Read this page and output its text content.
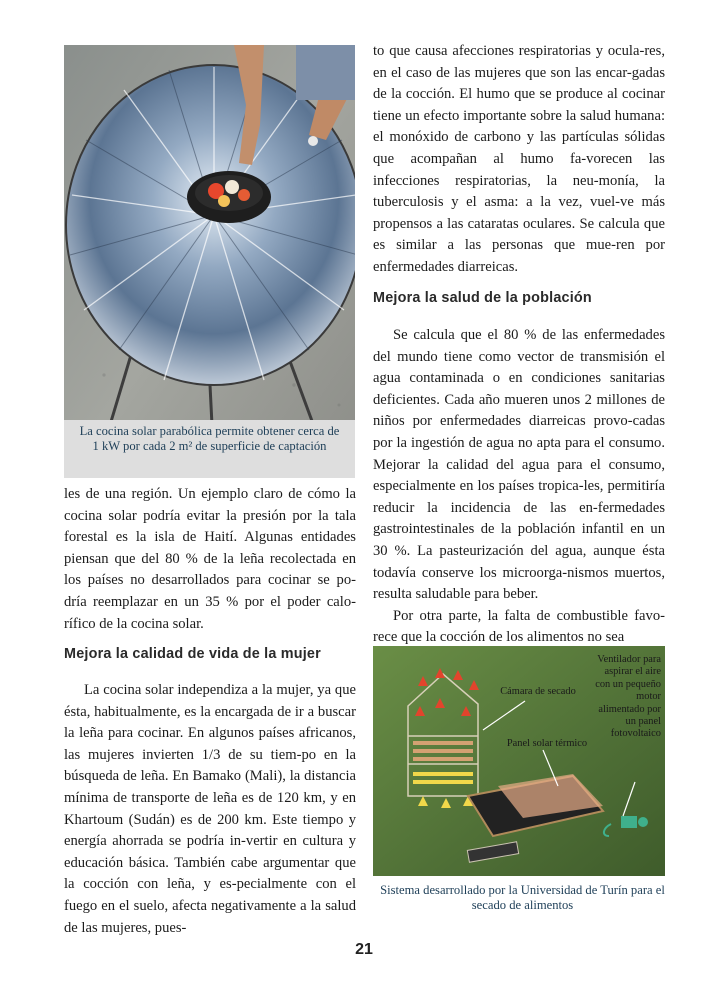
La cocina solar parabólica permite obtener cerca de 1 kW por cada 2 m² de superficie de captación

to que causa afecciones respiratorias y ocula-res, en el caso de las mujeres que son las encar-gadas de la cocción. El humo que se produce al cocinar tiene un efecto importante sobre la salud humana: el monóxido de carbono y las partículas sólidas que acompañan al humo fa-vorecen las infecciones respiratorias, la neu-monía, la tuberculosis y el asma: a la vez, vuel-ve más propensos a las cataratas oculares. Se calcula que es similar a las personas que mue-ren por enfermedades diarreicas.

Mejora la salud de la población

Se calcula que el 80 % de las enfermedades del mundo tiene como vector de transmisión el agua contaminada o en condiciones sanitarias deficientes. Cada año mueren unos 2 millones de niños por enfermedades diarreicas provo-cadas por la ingestión de agua no apta para el consumo. Mejorar la calidad del agua para el consumo, especialmente en los países tropica-les, permitiría reducir la incidencia de las en-fermedades gastrointestinales de la población infantil en un 30 %. La pasteurización del agua, aunque ésta todavía conserve los microorga-nismos muertos, resulta saludable para beber.

Por otra parte, la falta de combustible favo-rece que la cocción de los alimentos no sea

les de una región. Un ejemplo claro de cómo la cocina solar podría evitar la presión por la tala forestal es la isla de Haití. Algunas entidades piensan que del 80 % de la leña recolectada en los países no desarrollados para cocinar se po-dría reemplazar en un 35 % por el poder calo-rífico de la cocina solar.

Mejora la calidad de vida de la mujer

La cocina solar independiza a la mujer, ya que ésta, habitualmente, es la encargada de ir a buscar la leña para cocinar. En algunos países africanos, las mujeres invierten 1/3 de su tiem-po en la búsqueda de leña. En Bamako (Mali), la distancia mínima de transporte de leña es de 120 km, y en Khartoum (Sudán) es de 200 km. Este tiempo y energía ahorrada se podría in-vertir en cultura y educación básica. También cabe argumentar que la cocción con leña, y es-pecialmente con el fuego en el suelo, afecta negativamente a la salud de las mujeres, pues-

Cámara de secado
Panel solar térmico
Ventilador para aspirar el aire con un pequeño motor alimentado por un panel fotovoltaico
Sistema desarrollado por la Universidad de Turín para el secado de alimentos
21
